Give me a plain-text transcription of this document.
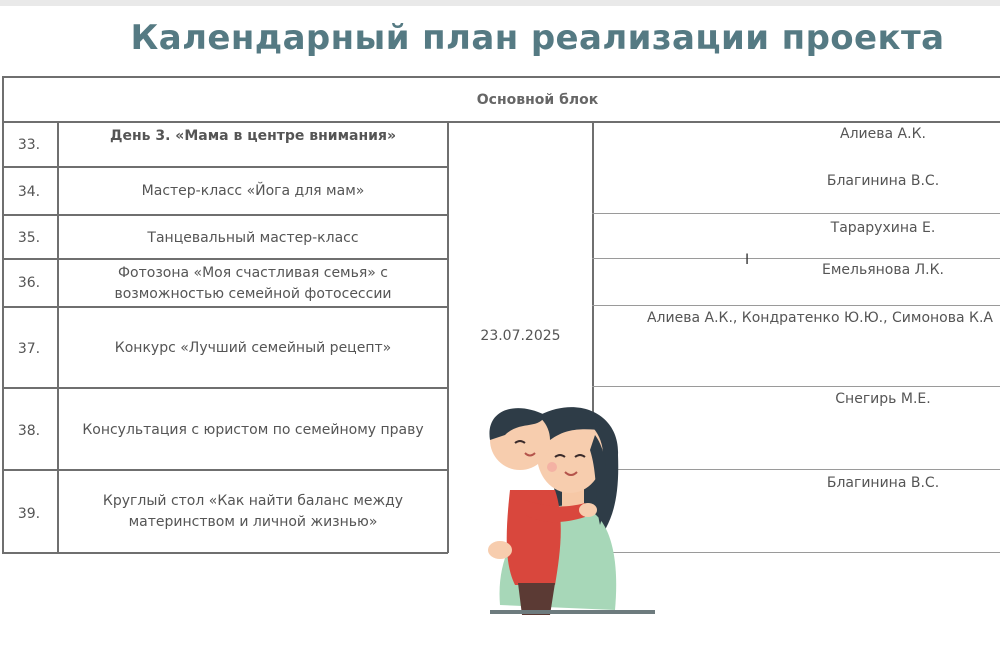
Календарный план реализации проекта
Основной блок
33.
34.
35.
36.
37.
38.
39.
День 3. «Мама в центре внимания»
Мастер-класс «Йога для мам»
Танцевальный мастер-класс
Фотозона «Моя счастливая семья» с возможностью семейной фотосессии
Конкурс «Лучший семейный рецепт»
Консультация с юристом по семейному праву
Круглый стол «Как найти баланс между материнством и личной жизнью»
23.07.2025
Алиева А.К.
Благинина В.С.
Тарарухина Е.
Емельянова Л.К.
Алиева А.К., Кондратенко Ю.Ю., Симонова К.А
Снегирь М.Е.
Благинина В.С.
I
